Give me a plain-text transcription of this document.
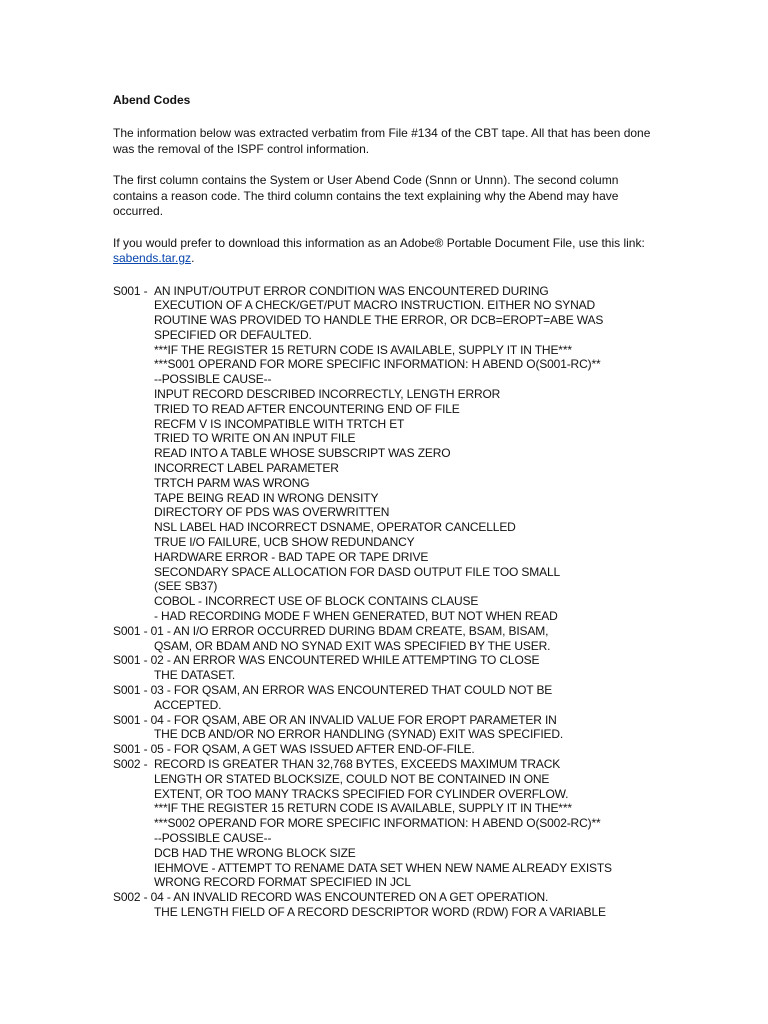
Abend Codes

The information below was extracted verbatim from File #134 of the CBT tape. All that has been done was the removal of the ISPF control information.

The first column contains the System or User Abend Code (Snnn or Unnn). The second column contains a reason code. The third column contains the text explaining why the Abend may have occurred.

If you would prefer to download this information as an Adobe® Portable Document File, use this link: sabends.tar.gz.

S001 - AN INPUT/OUTPUT ERROR CONDITION WAS ENCOUNTERED DURING
EXECUTION OF A CHECK/GET/PUT MACRO INSTRUCTION. EITHER NO SYNAD
ROUTINE WAS PROVIDED TO HANDLE THE ERROR, OR DCB=EROPT=ABE WAS
SPECIFIED OR DEFAULTED.
***IF THE REGISTER 15 RETURN CODE IS AVAILABLE, SUPPLY IT IN THE***
***S001 OPERAND FOR MORE SPECIFIC INFORMATION: H ABEND O(S001-RC)**
--POSSIBLE CAUSE--
INPUT RECORD DESCRIBED INCORRECTLY, LENGTH ERROR
TRIED TO READ AFTER ENCOUNTERING END OF FILE
RECFM V IS INCOMPATIBLE WITH TRTCH ET
TRIED TO WRITE ON AN INPUT FILE
READ INTO A TABLE WHOSE SUBSCRIPT WAS ZERO
INCORRECT LABEL PARAMETER
TRTCH PARM WAS WRONG
TAPE BEING READ IN WRONG DENSITY
DIRECTORY OF PDS WAS OVERWRITTEN
NSL LABEL HAD INCORRECT DSNAME, OPERATOR CANCELLED
TRUE I/O FAILURE, UCB SHOW REDUNDANCY
HARDWARE ERROR - BAD TAPE OR TAPE DRIVE
SECONDARY SPACE ALLOCATION FOR DASD OUTPUT FILE TOO SMALL
(SEE SB37)
COBOL - INCORRECT USE OF BLOCK CONTAINS CLAUSE
- HAD RECORDING MODE F WHEN GENERATED, BUT NOT WHEN READ
S001 - 01 - AN I/O ERROR OCCURRED DURING BDAM CREATE, BSAM, BISAM,
QSAM, OR BDAM AND NO SYNAD EXIT WAS SPECIFIED BY THE USER.
S001 - 02 - AN ERROR WAS ENCOUNTERED WHILE ATTEMPTING TO CLOSE
THE DATASET.
S001 - 03 - FOR QSAM, AN ERROR WAS ENCOUNTERED THAT COULD NOT BE
ACCEPTED.
S001 - 04 - FOR QSAM, ABE OR AN INVALID VALUE FOR EROPT PARAMETER IN
THE DCB AND/OR NO ERROR HANDLING (SYNAD) EXIT WAS SPECIFIED.
S001 - 05 - FOR QSAM, A GET WAS ISSUED AFTER END-OF-FILE.
S002 - RECORD IS GREATER THAN 32,768 BYTES, EXCEEDS MAXIMUM TRACK
LENGTH OR STATED BLOCKSIZE, COULD NOT BE CONTAINED IN ONE
EXTENT, OR TOO MANY TRACKS SPECIFIED FOR CYLINDER OVERFLOW.
***IF THE REGISTER 15 RETURN CODE IS AVAILABLE, SUPPLY IT IN THE***
***S002 OPERAND FOR MORE SPECIFIC INFORMATION: H ABEND O(S002-RC)**
--POSSIBLE CAUSE--
DCB HAD THE WRONG BLOCK SIZE
IEHMOVE - ATTEMPT TO RENAME DATA SET WHEN NEW NAME ALREADY EXISTS
WRONG RECORD FORMAT SPECIFIED IN JCL
S002 - 04 - AN INVALID RECORD WAS ENCOUNTERED ON A GET OPERATION.
THE LENGTH FIELD OF A RECORD DESCRIPTOR WORD (RDW) FOR A VARIABLE
